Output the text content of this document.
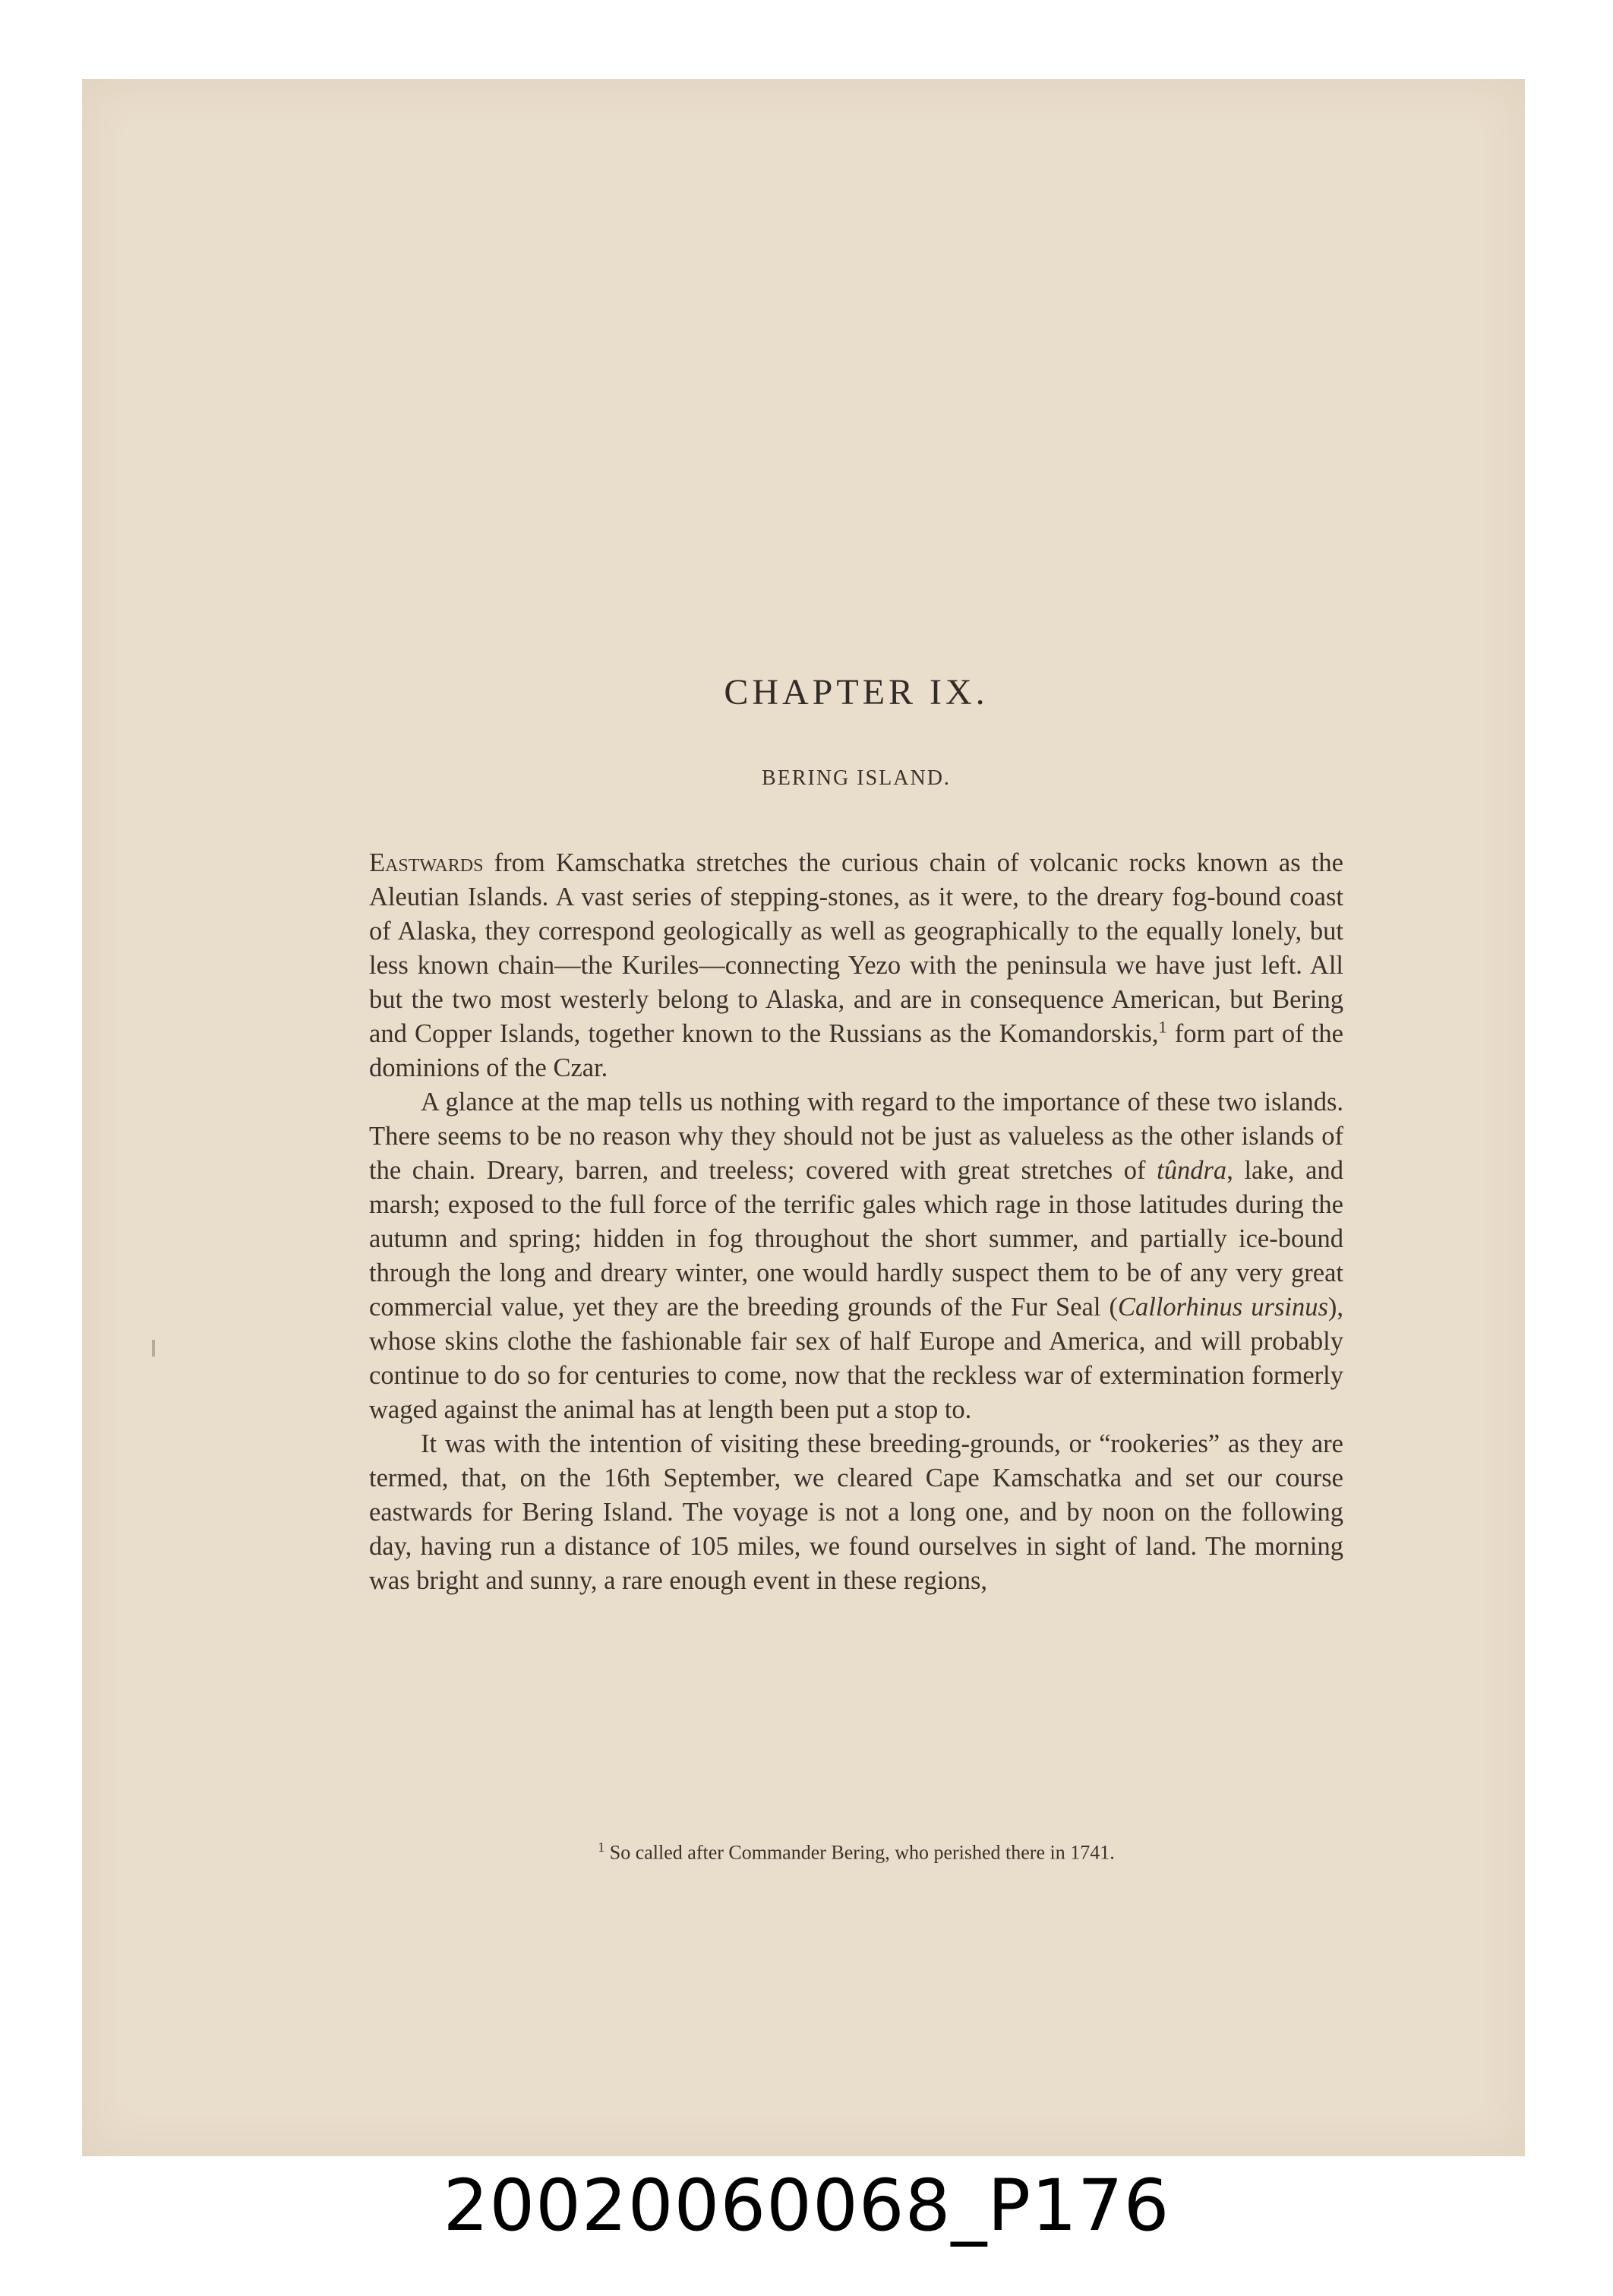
CHAPTER IX.
BERING ISLAND.

Eastwards from Kamschatka stretches the curious chain of volcanic rocks known as the Aleutian Islands. A vast series of stepping-stones, as it were, to the dreary fog-bound coast of Alaska, they correspond geologically as well as geographically to the equally lonely, but less known chain—the Kuriles—connecting Yezo with the peninsula we have just left. All but the two most westerly belong to Alaska, and are in consequence American, but Bering and Copper Islands, together known to the Russians as the Komandorskis,$^1$ form part of the dominions of the Czar.

A glance at the map tells us nothing with regard to the importance of these two islands. There seems to be no reason why they should not be just as valueless as the other islands of the chain. Dreary, barren, and treeless; covered with great stretches of tûndra, lake, and marsh; exposed to the full force of the terrific gales which rage in those latitudes during the autumn and spring; hidden in fog throughout the short summer, and partially ice-bound through the long and dreary winter, one would hardly suspect them to be of any very great commercial value, yet they are the breeding grounds of the Fur Seal (Callorhinus ursinus), whose skins clothe the fashionable fair sex of half Europe and America, and will probably continue to do so for centuries to come, now that the reckless war of extermination formerly waged against the animal has at length been put a stop to.

It was with the intention of visiting these breeding-grounds, or “rookeries” as they are termed, that, on the 16th September, we cleared Cape Kamschatka and set our course eastwards for Bering Island. The voyage is not a long one, and by noon on the following day, having run a distance of 105 miles, we found ourselves in sight of land. The morning was bright and sunny, a rare enough event in these regions,

$^1$ So called after Commander Bering, who perished there in 1741.
20020060068_P176
